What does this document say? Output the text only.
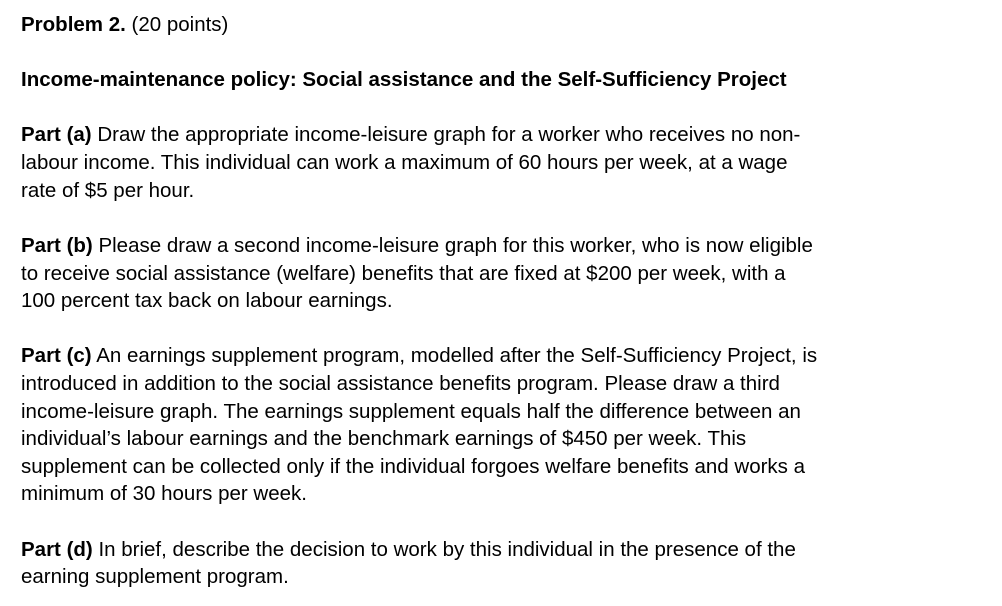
Problem 2. (20 points)
Income-maintenance policy: Social assistance and the Self-Sufficiency Project
Part (a) Draw the appropriate income-leisure graph for a worker who receives no non-
labour income. This individual can work a maximum of 60 hours per week, at a wage
rate of $5 per hour.
Part (b) Please draw a second income-leisure graph for this worker, who is now eligible
to receive social assistance (welfare) benefits that are fixed at $200 per week, with a
100 percent tax back on labour earnings.
Part (c) An earnings supplement program, modelled after the Self-Sufficiency Project, is
introduced in addition to the social assistance benefits program. Please draw a third
income-leisure graph. The earnings supplement equals half the difference between an
individual’s labour earnings and the benchmark earnings of $450 per week. This
supplement can be collected only if the individual forgoes welfare benefits and works a
minimum of 30 hours per week.
Part (d) In brief, describe the decision to work by this individual in the presence of the
earning supplement program.
